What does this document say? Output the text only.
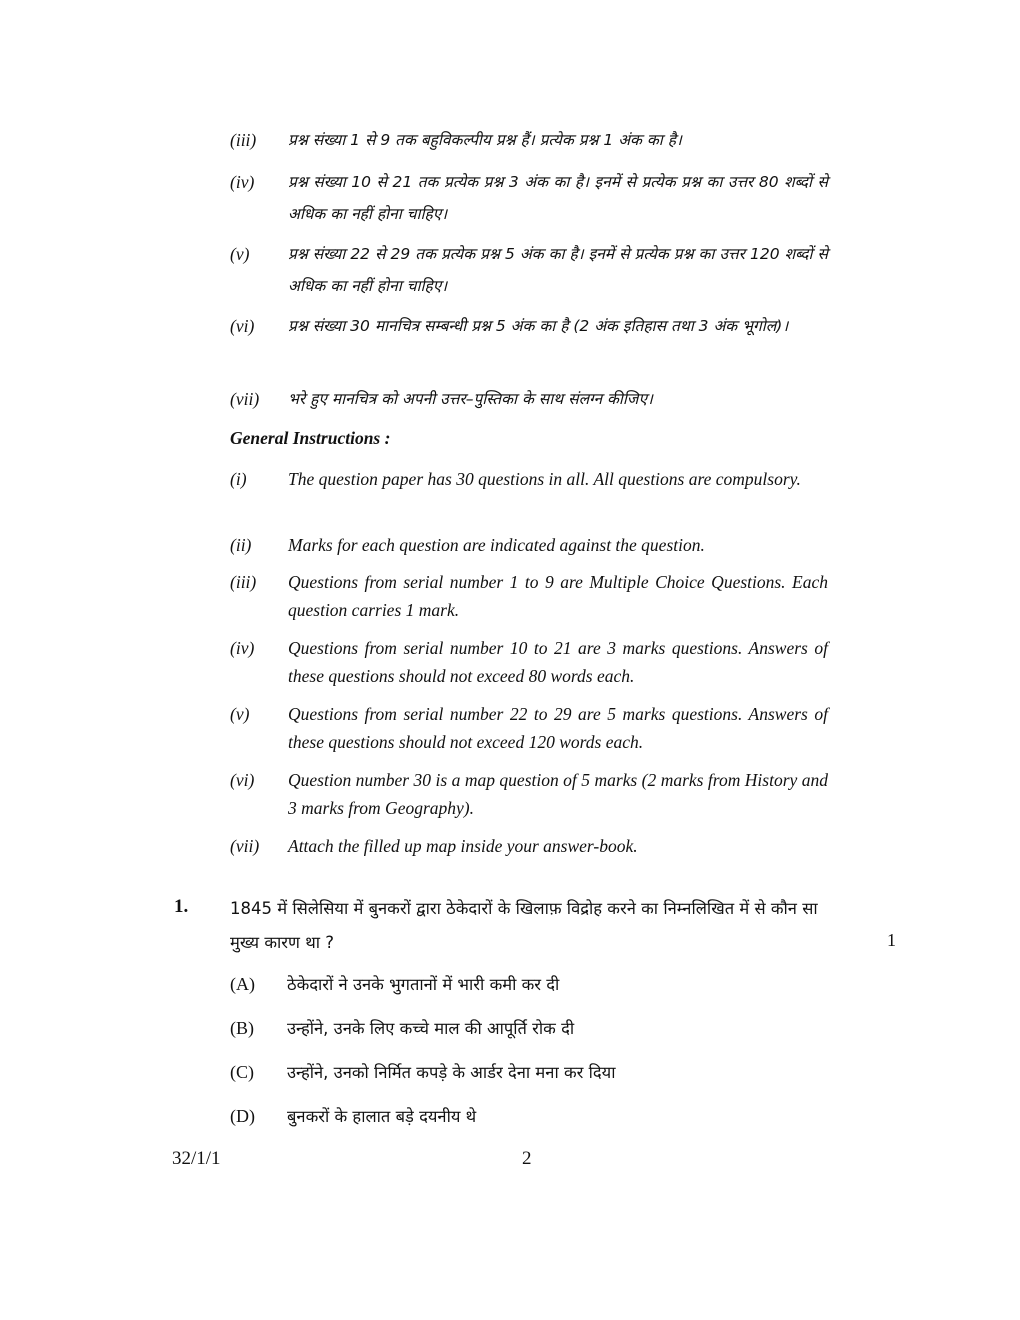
(iii) प्रश्न संख्या 1 से 9 तक बहुविकल्पीय प्रश्न हैं। प्रत्येक प्रश्न 1 अंक का है।
(iv) प्रश्न संख्या 10 से 21 तक प्रत्येक प्रश्न 3 अंक का है। इनमें से प्रत्येक प्रश्न का उत्तर 80 शब्दों से अधिक का नहीं होना चाहिए।
(v) प्रश्न संख्या 22 से 29 तक प्रत्येक प्रश्न 5 अंक का है। इनमें से प्रत्येक प्रश्न का उत्तर 120 शब्दों से अधिक का नहीं होना चाहिए।
(vi) प्रश्न संख्या 30 मानचित्र सम्बन्धी प्रश्न 5 अंक का है (2 अंक इतिहास तथा 3 अंक भूगोल)।
(vii) भरे हुए मानचित्र को अपनी उत्तर–पुस्तिका के साथ संलग्न कीजिए।
General Instructions :
(i) The question paper has 30 questions in all. All questions are compulsory.
(ii) Marks for each question are indicated against the question.
(iii) Questions from serial number 1 to 9 are Multiple Choice Questions. Each question carries 1 mark.
(iv) Questions from serial number 10 to 21 are 3 marks questions. Answers of these questions should not exceed 80 words each.
(v) Questions from serial number 22 to 29 are 5 marks questions. Answers of these questions should not exceed 120 words each.
(vi) Question number 30 is a map question of 5 marks (2 marks from History and 3 marks from Geography).
(vii) Attach the filled up map inside your answer-book.
1.	1845 में सिलेसिया में बुनकरों द्वारा ठेकेदारों के खिलाफ़ विद्रोह करने का निम्नलिखित में से कौन सा मुख्य कारण था ?	1
(A) ठेकेदारों ने उनके भुगतानों में भारी कमी कर दी
(B) उन्होंने, उनके लिए कच्चे माल की आपूर्ति रोक दी
(C) उन्होंने, उनको निर्मित कपड़े के आर्डर देना मना कर दिया
(D) बुनकरों के हालात बड़े दयनीय थे
32/1/1	2
